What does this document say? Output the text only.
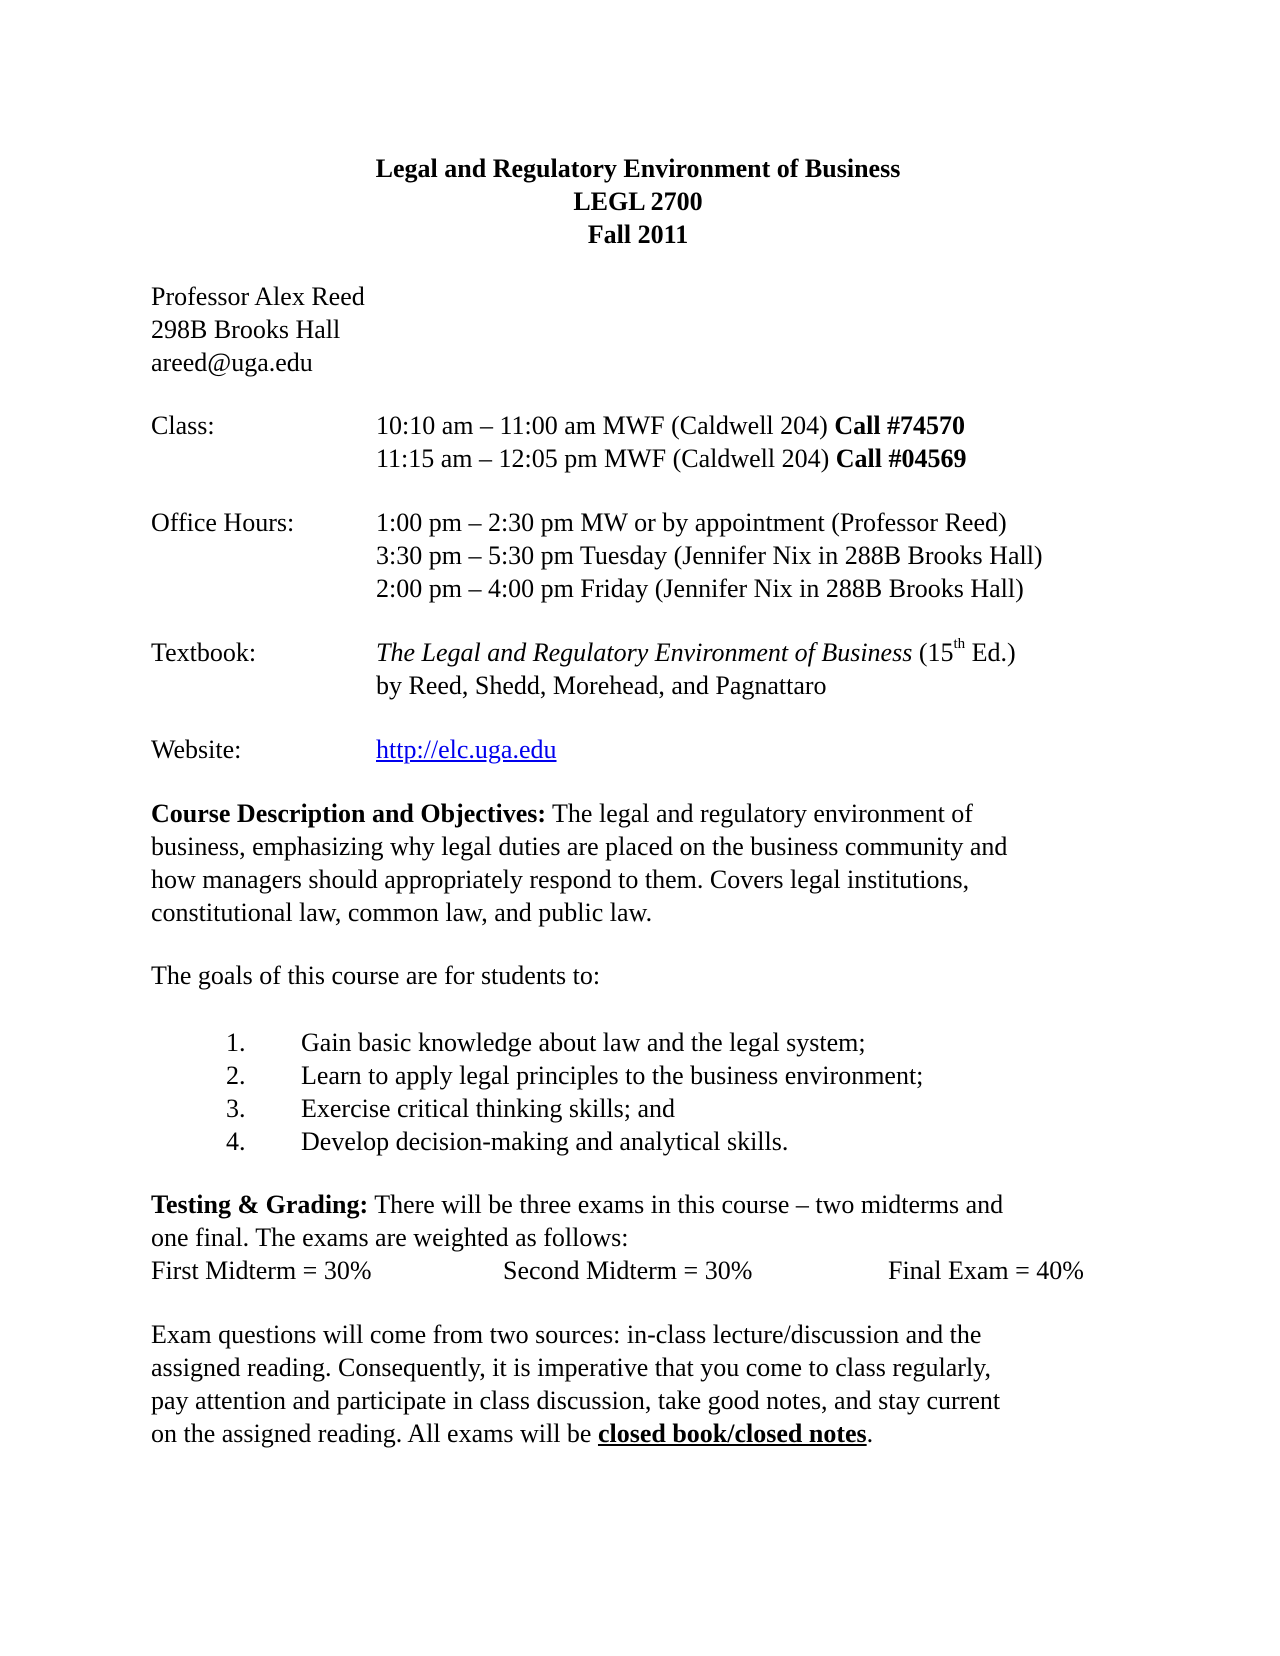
Legal and Regulatory Environment of Business
LEGL 2700
Fall 2011
Professor Alex Reed
298B Brooks Hall
areed@uga.edu
Class:	10:10 am – 11:00 am MWF (Caldwell 204) Call #74570
11:15 am – 12:05 pm MWF (Caldwell 204) Call #04569
Office Hours:	1:00 pm – 2:30 pm MW or by appointment (Professor Reed)
3:30 pm – 5:30 pm Tuesday (Jennifer Nix in 288B Brooks Hall)
2:00 pm – 4:00 pm Friday (Jennifer Nix in 288B Brooks Hall)
Textbook:	The Legal and Regulatory Environment of Business (15th Ed.)
by Reed, Shedd, Morehead, and Pagnattaro
Website:	http://elc.uga.edu
Course Description and Objectives: The legal and regulatory environment of
business, emphasizing why legal duties are placed on the business community and
how managers should appropriately respond to them. Covers legal institutions,
constitutional law, common law, and public law.
The goals of this course are for students to:
1.	Gain basic knowledge about law and the legal system;
2.	Learn to apply legal principles to the business environment;
3.	Exercise critical thinking skills; and
4.	Develop decision-making and analytical skills.
Testing & Grading: There will be three exams in this course – two midterms and
one final. The exams are weighted as follows:
First Midterm = 30%	Second Midterm = 30%	Final Exam = 40%
Exam questions will come from two sources: in-class lecture/discussion and the
assigned reading. Consequently, it is imperative that you come to class regularly,
pay attention and participate in class discussion, take good notes, and stay current
on the assigned reading. All exams will be closed book/closed notes.
